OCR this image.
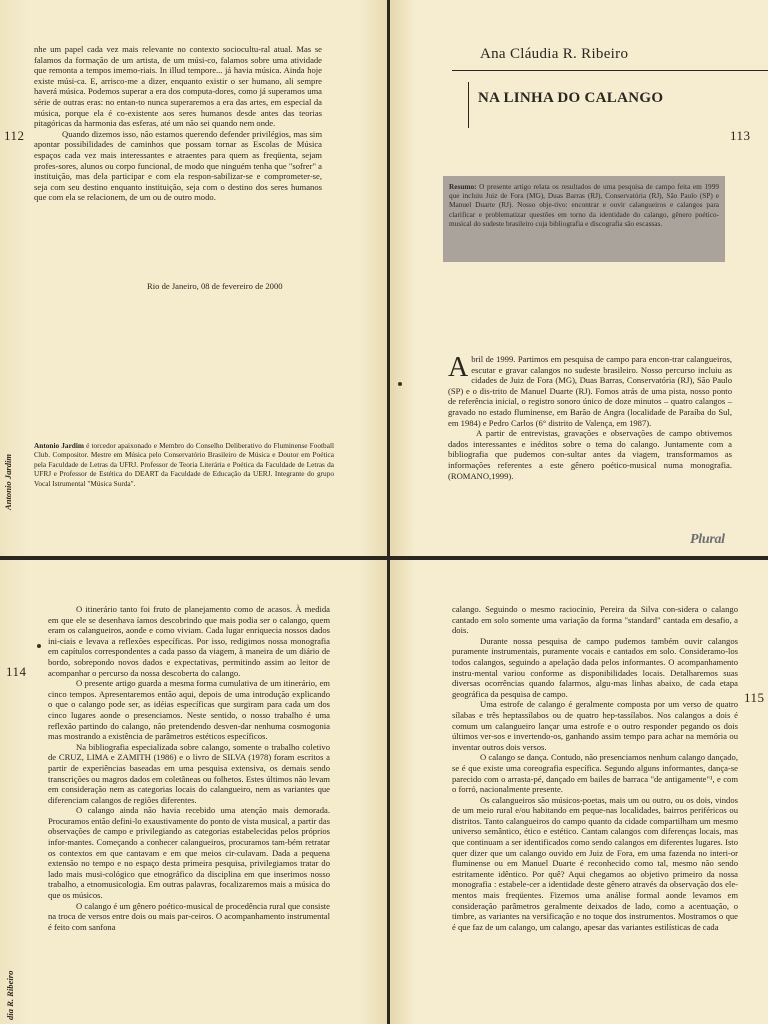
112
Antonio Jardim

nhe um papel cada vez mais relevante no contexto sociocultu-ral atual. Mas se falamos da formação de um artista, de um músi-co, falamos sobre uma atividade que remonta a tempos imemo-riais. In illud tempore... já havia música. Ainda hoje existe músi-ca. E, arrisco-me a dizer, enquanto existir o ser humano, ali sempre haverá música. Podemos superar a era dos computa-dores, como já superamos uma série de outras eras: no entan-to nunca superaremos a era das artes, em especial da música, porque ela é co-existente aos seres humanos desde antes das teorias pitagóricas da harmonia das esferas, até um não sei quando nem onde.

Quando dizemos isso, não estamos querendo defender privilégios, mas sim apontar possibilidades de caminhos que possam tornar as Escolas de Música espaços cada vez mais interessantes e atraentes para quem as freqüenta, sejam profes-sores, alunos ou corpo funcional, de modo que ninguém tenha que "sofrer" a instituição, mas dela participar e com ela respon-sabilizar-se e comprometer-se, seja com seu destino enquanto instituição, seja com o destino dos seres humanos que com ela se relacionem, de um ou de outro modo.

Rio de Janeiro, 08 de fevereiro de 2000
Antonio Jardim é torcedor apaixonado e Membro do Conselho Deliberativo do Fluminense Football Club. Compositor. Mestre em Música pelo Conservatório Brasileiro de Música e Doutor em Poética pela Faculdade de Letras da UFRJ. Professor de Teoria Literária e Poética da Faculdade de Letras da UFRJ e Professor de Estética do DEART da Faculdade de Educação da UERJ. Integrante do grupo Vocal Istrumental "Música Surda".
Ana Cláudia R. Ribeiro
NA LINHA DO CALANGO
113
Resumo: O presente artigo relata os resultados de uma pesquisa de campo feita em 1999 que incluiu Juiz de Fora (MG), Duas Barras (RJ), Conservatória (RJ), São Paulo (SP) e Manuel Duarte (RJ). Nosso obje-tivo: encontrar e ouvir calangueiros e calangos para clarificar e problematizar questões em torno da identidade do calango, gênero poético-musical do sudeste brasileiro cuja bibliografia e discografia são escassas.

Abril de 1999. Partimos em pesquisa de campo para encon-trar calangueiros, escutar e gravar calangos no sudeste brasileiro. Nosso percurso incluiu as cidades de Juiz de Fora (MG), Duas Barras, Conservatória (RJ), São Paulo (SP) e o dis-trito de Manuel Duarte (RJ). Fomos atrás de uma pista, nosso ponto de referência inicial, o registro sonoro único de doze minutos – quatro calangos – gravado no estado fluminense, em Barão de Angra (localidade de Paraíba do Sul, em 1984) e Pedro Carlos (6° distrito de Valença, em 1987).

A partir de entrevistas, gravações e observações de campo obtivemos dados interessantes e inéditos sobre o tema do calango. Juntamente com a bibliografia que pudemos con-sultar antes da viagem, transformamos as informações referentes a este gênero poético-musical numa monografia. (ROMANO,1999).

Plural
114
dia R. Ribeiro

O itinerário tanto foi fruto de planejamento como de acasos. À medida em que ele se desenhava íamos descobrindo que mais podia ser o calango, quem eram os calangueiros, aonde e como viviam. Cada lugar enriquecia nossos dados ini-ciais e levava a reflexões específicas. Por isso, redigimos nossa monografia em capítulos correspondentes a cada passo da viagem, à maneira de um diário de bordo, sobrepondo novos dados e expectativas, permitindo assim ao leitor de acompanhar o percurso da nossa descoberta do calango.

O presente artigo guarda a mesma forma cumulativa de um itinerário, em cinco tempos. Apresentaremos então aqui, depois de uma introdução explicando o que o calango pode ser, as idéias específicas que surgiram para cada um dos cinco lugares aonde o presenciamos. Neste sentido, o nosso trabalho é uma reflexão partindo do calango, não pretendendo desven-dar nenhuma cosmogonia mas mostrando a existência de parâmetros estéticos específicos.

Na bibliografia especializada sobre calango, somente o trabalho coletivo de CRUZ, LIMA e ZAMITH (1986) e o livro de SILVA (1978) foram escritos a partir de experiências baseadas em uma pesquisa extensiva, os demais sendo transcrições ou magros dados em coletâneas ou folhetos. Estes últimos não levam em consideração nem as categorias locais do calangueiro, nem as variantes que diferenciam calangos de regiões diferentes.

O calango ainda não havia recebido uma atenção mais demorada. Procuramos então defini-lo exaustivamente do ponto de vista musical, a partir das observações de campo e privilegiando as categorias estabelecidas pelos próprios infor-mantes. Começando a conhecer calangueiros, procuramos tam-bém retratar os contextos em que cantavam e em que meios cir-culavam. Dada a pequena extensão no tempo e no espaço desta primeira pesquisa, privilegiamos tratar do lado mais musi-cológico que etnográfico da disciplina em que inserimos nosso trabalho, a etnomusicologia. Em outras palavras, focalizaremos mais a música do que os músicos.

O calango é um gênero poético-musical de procedência rural que consiste na troca de versos entre dois ou mais par-ceiros. O acompanhamento instrumental é feito com sanfona

115

calango. Seguindo o mesmo raciocínio, Pereira da Silva con-sidera o calango cantado em solo somente uma variação da forma "standard" cantada em desafio, a dois.

Durante nossa pesquisa de campo pudemos também ouvir calangos puramente instrumentais, puramente vocais e cantados em solo. Consideramo-los todos calangos, seguindo a apelação dada pelos informantes. O acompanhamento instru-mental variou conforme as disponibilidades locais. Detalharemos suas diversas ocorrências quando falarmos, algu-mas linhas abaixo, de cada etapa geográfica da pesquisa de campo.

Uma estrofe de calango é geralmente composta por um verso de quatro sílabas e três heptassílabos ou de quatro hep-tassílabos. Nos calangos a dois é comum um calangueiro lançar uma estrofe e o outro responder pegando os dois últimos ver-sos e invertendo-os, ganhando assim tempo para achar na memória ou inventar outros dois versos.

O calango se dança. Contudo, não presenciamos nenhum calango dançado, se é que existe uma coreografia específica. Segundo alguns informantes, dança-se parecido com o arrasta-pé, dançado em bailes de barraca "de antigamente"¹, e com o forró, nacionalmente presente.

Os calangueiros são músicos-poetas, mais um ou outro, ou os dois, vindos de um meio rural e/ou habitando em peque-nas localidades, bairros periféricos ou distritos. Tanto calangueiros do campo quanto da cidade compartilham um mesmo universo semântico, ético e estético. Cantam calangos com diferenças locais, mas que continuam a ser identificados como sendo calangos em diferentes lugares. Isto quer dizer que um calango ouvido em Juiz de Fora, em uma fazenda no interi-or fluminense ou em Manuel Duarte é reconhecido como tal, mesmo não sendo estritamente idêntico. Por quê? Aqui chegamos ao objetivo primeiro da nossa monografia : estabele-cer a identidade deste gênero através da observação dos ele-mentos mais freqüentes. Fizemos uma análise formal aonde levamos em consideração parâmetros geralmente deixados de lado, como a acentuação, o timbre, as variantes na versificação e no toque dos instrumentos. Mostramos o que é que faz de um calango, um calango, apesar das variantes estilísticas de cada
